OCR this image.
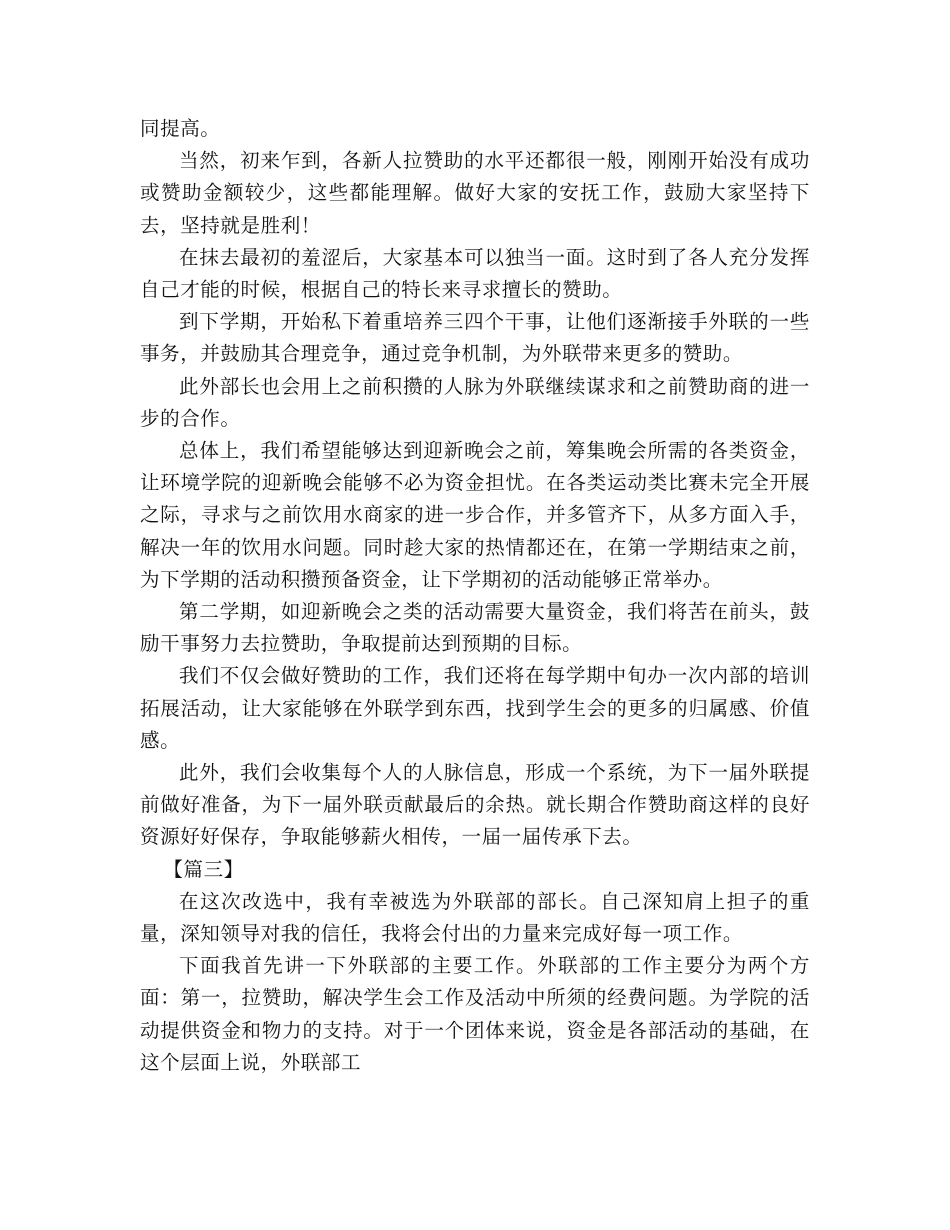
同提高。

当然，初来乍到，各新人拉赞助的水平还都很一般，刚刚开始没有成功或赞助金额较少，这些都能理解。做好大家的安抚工作，鼓励大家坚持下去，坚持就是胜利！

在抹去最初的羞涩后，大家基本可以独当一面。这时到了各人充分发挥自己才能的时候，根据自己的特长来寻求擅长的赞助。

到下学期，开始私下着重培养三四个干事，让他们逐渐接手外联的一些事务，并鼓励其合理竞争，通过竞争机制，为外联带来更多的赞助。

此外部长也会用上之前积攒的人脉为外联继续谋求和之前赞助商的进一步的合作。

总体上，我们希望能够达到迎新晚会之前，筹集晚会所需的各类资金，让环境学院的迎新晚会能够不必为资金担忧。在各类运动类比赛未完全开展之际，寻求与之前饮用水商家的进一步合作，并多管齐下，从多方面入手，解决一年的饮用水问题。同时趁大家的热情都还在，在第一学期结束之前，为下学期的活动积攒预备资金，让下学期初的活动能够正常举办。

第二学期，如迎新晚会之类的活动需要大量资金，我们将苦在前头，鼓励干事努力去拉赞助，争取提前达到预期的目标。

我们不仅会做好赞助的工作，我们还将在每学期中旬办一次内部的培训拓展活动，让大家能够在外联学到东西，找到学生会的更多的归属感、价值感。

此外，我们会收集每个人的人脉信息，形成一个系统，为下一届外联提前做好准备，为下一届外联贡献最后的余热。就长期合作赞助商这样的良好资源好好保存，争取能够薪火相传，一届一届传承下去。

【篇三】

在这次改选中，我有幸被选为外联部的部长。自己深知肩上担子的重量，深知领导对我的信任，我将会付出的力量来完成好每一项工作。

下面我首先讲一下外联部的主要工作。外联部的工作主要分为两个方面：第一，拉赞助，解决学生会工作及活动中所须的经费问题。为学院的活动提供资金和物力的支持。对于一个团体来说，资金是各部活动的基础，在这个层面上说，外联部工
